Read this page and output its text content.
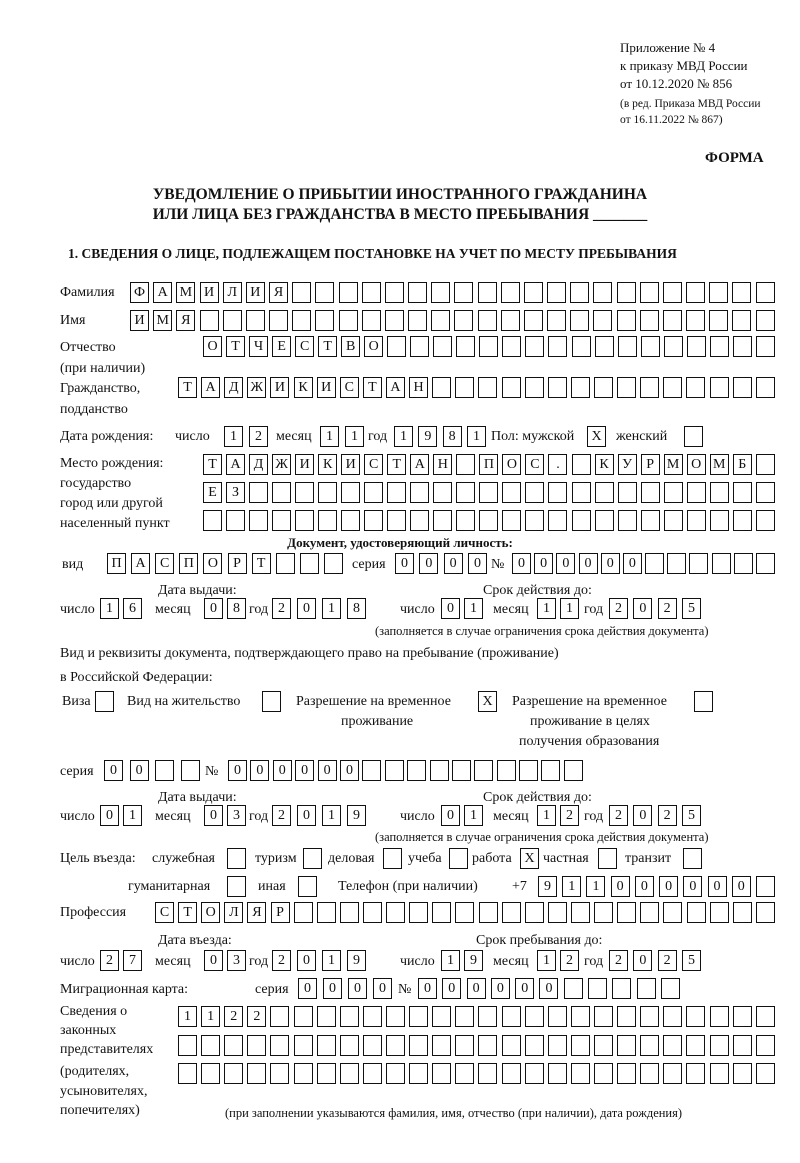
Приложение № 4
к приказу МВД России
от 10.12.2020 № 856
(в ред. Приказа МВД России
от 16.11.2022 № 867)
ФОРМА
УВЕДОМЛЕНИЕ О ПРИБЫТИИ ИНОСТРАННОГО ГРАЖДАНИНА
ИЛИ ЛИЦА БЕЗ ГРАЖДАНСТВА В МЕСТО ПРЕБЫВАНИЯ _______
1. СВЕДЕНИЯ О ЛИЦЕ, ПОДЛЕЖАЩЕМ ПОСТАНОВКЕ НА УЧЕТ ПО МЕСТУ ПРЕБЫВАНИЯ
Фамилия Ф А М И Л И Я
Имя	И М Я
Отчество
(при наличии)
О Т	Ч	Е	С	Т	В О
Гражданство,
подданство
Т А Д Ж И К И С	Т А Н
Дата рождения: число	1	2	месяц	1	1 год 1	9	8	1 Пол: мужской	X	женский
Место рождения:
государство
город или другой
населенный пункт
Т А Д Ж И К И С	Т А Н	П О С	.	К У	Р М О М Б
Е	З
Документ, удостоверяющий личность:
вид	П А	С	П О	Р	Т	серия	0	0	0	0 № 0	0	0	0	0	0
Дата выдачи:	Срок действия до:
число 1	6	месяц	0	8 год 2	0	1	8	число 0	1	месяц	1	1 год 2	0	2	5
(заполняется в случае ограничения срока действия документа)
Вид и реквизиты документа, подтверждающего право на пребывание (проживание)
в Российской Федерации:
Виза	Вид на жительство	Разрешение на временное
проживание
X	Разрешение на временное
проживание в целях
получения образования
серия	0	0	№	0	0	0	0	0	0
Дата выдачи:	Срок действия до:
число 0	1	месяц	0	3 год 2	0	1	9	число 0	1	месяц	1	2 год 2	0	2	5
(заполняется в случае ограничения срока действия документа)
Цель въезда: служебная	туризм деловая учеба работа X частная	транзит
гуманитарная	иная	Телефон (при наличии) +7	9	1	1	0	0	0	0	0	0
Профессия	С	Т О Л Я	Р
Дата въезда:	Срок пребывания до:
число 2	7	месяц	0	3 год 2	0	1	9	число 1	9	месяц	1	2 год 2	0	2	5
Миграционная карта:	серия	0	0	0	0 № 0	0	0	0	0	0
Сведения о
законных
представителях
(родителях,
усыновителях,
попечителях)
1	1	2	2
(при заполнении указываются фамилия, имя, отчество (при наличии), дата рождения)
